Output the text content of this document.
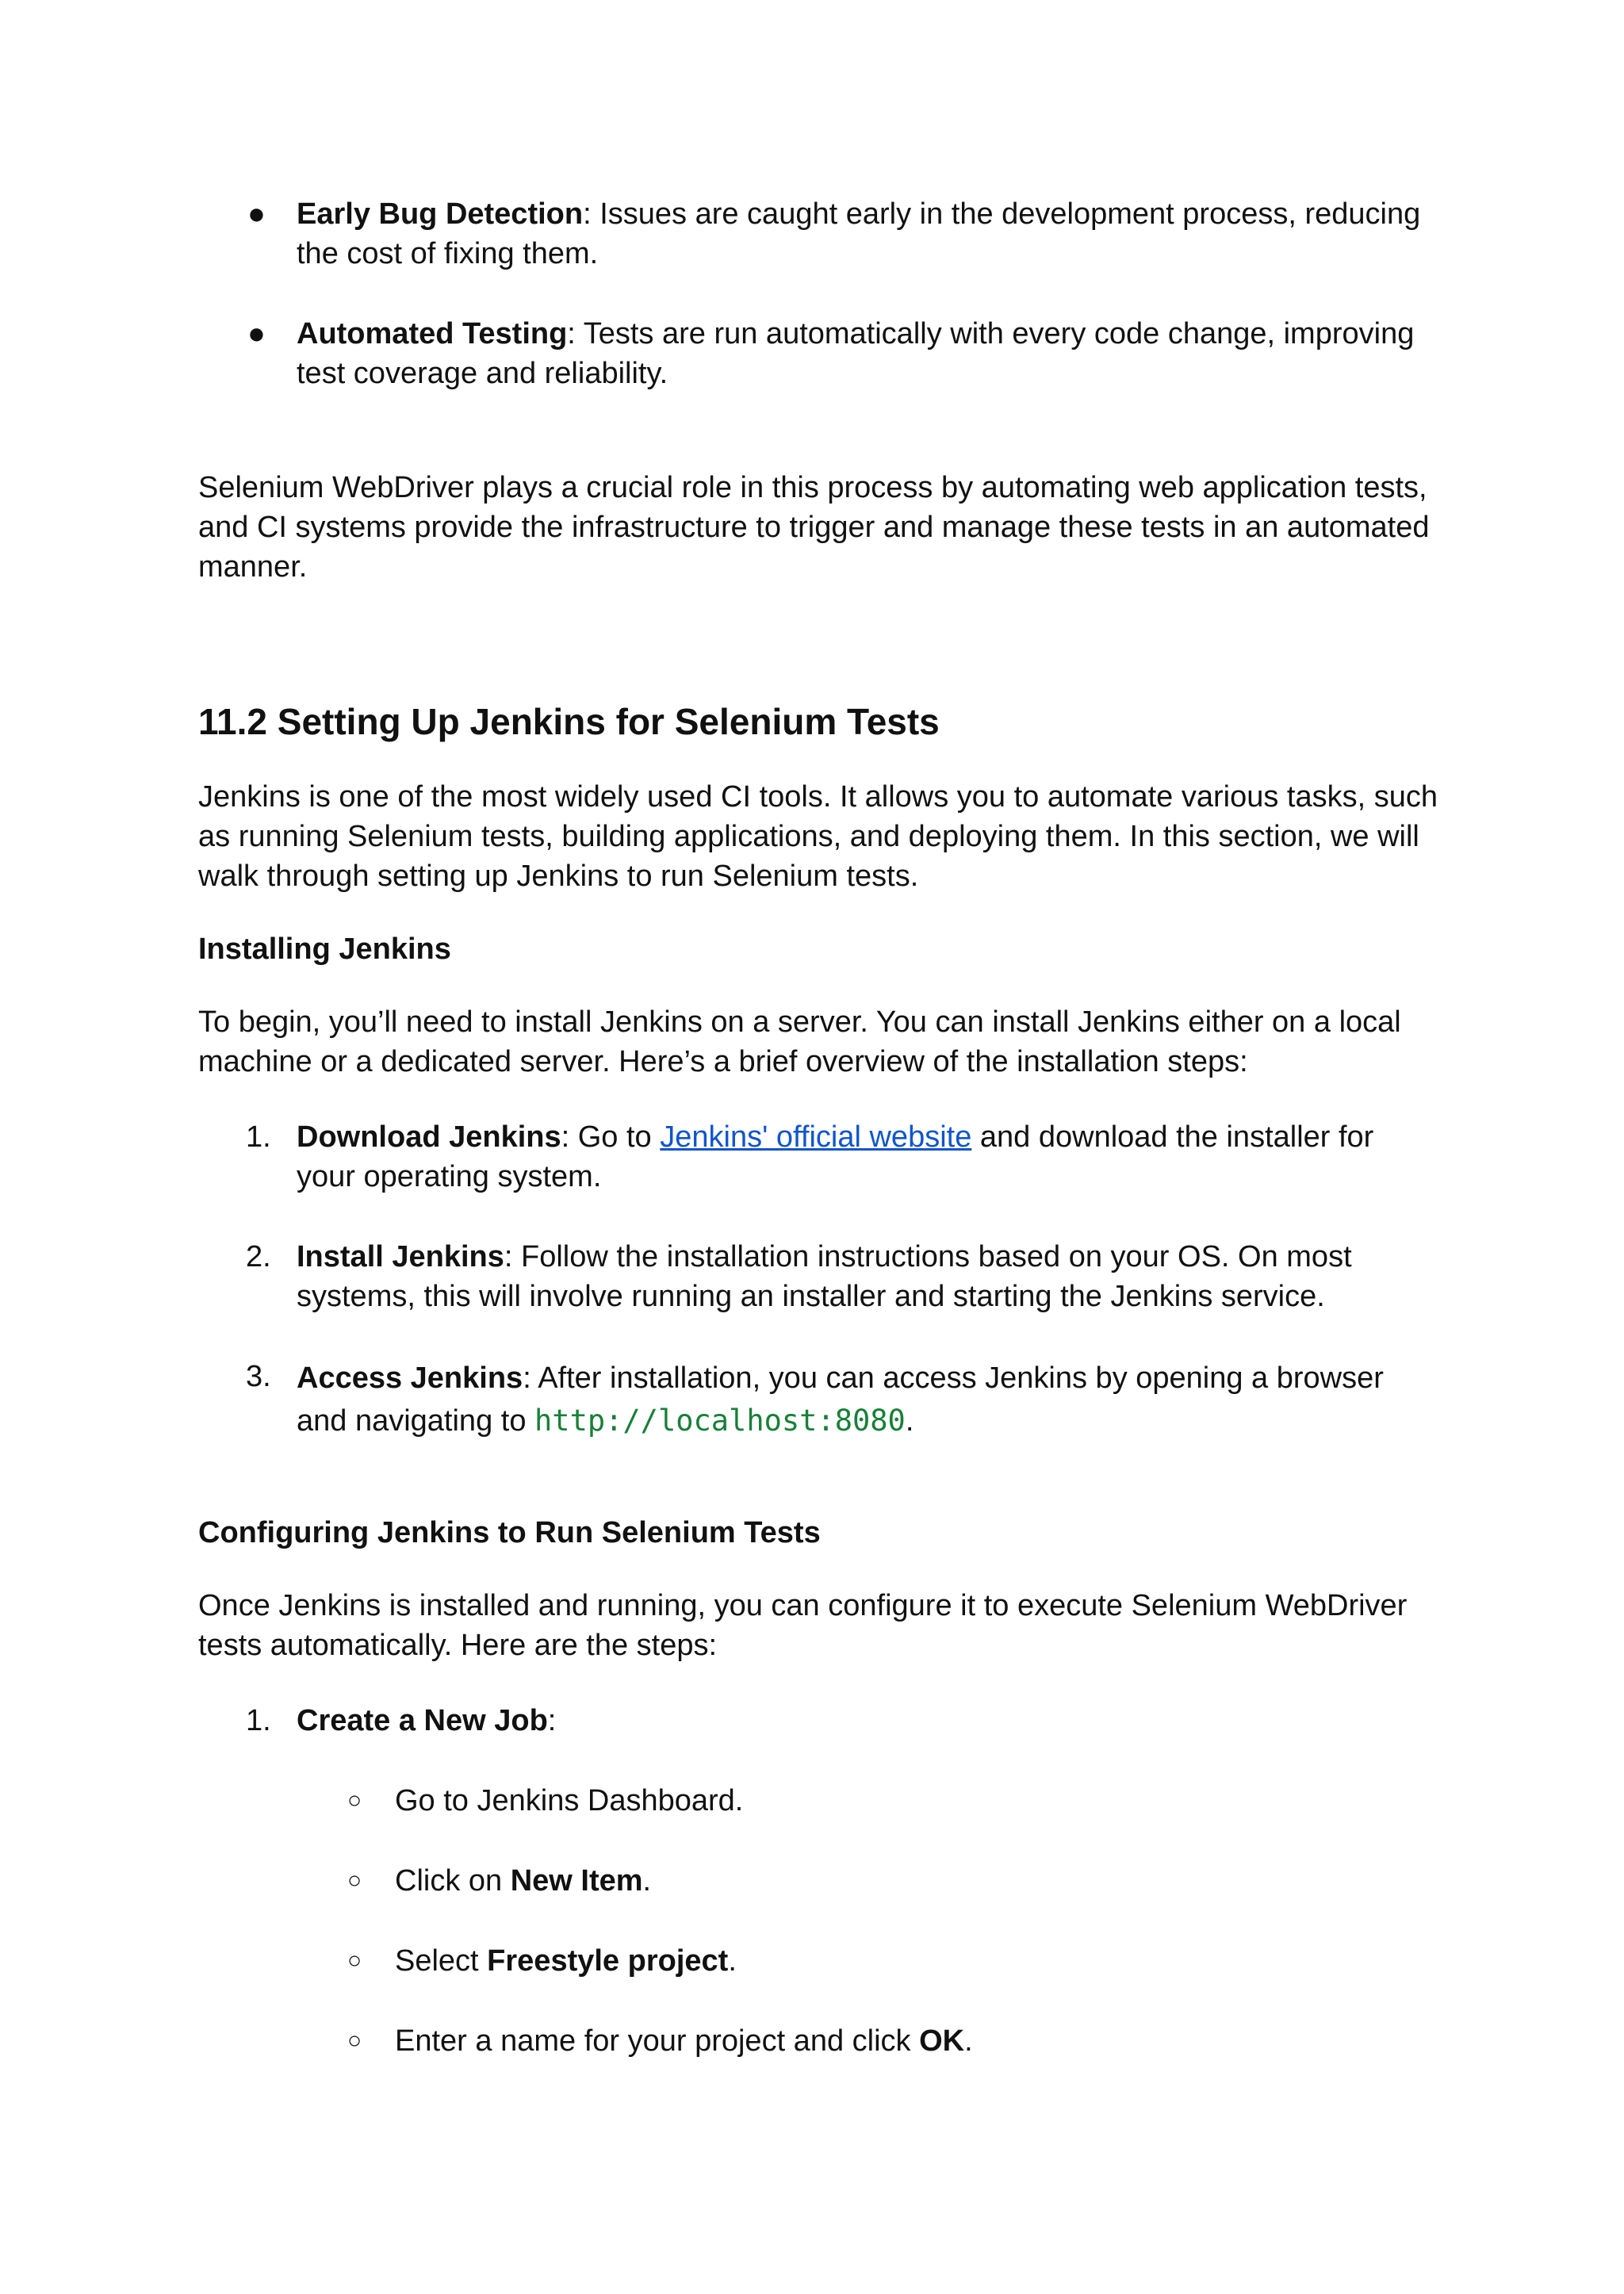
● Early Bug Detection: Issues are caught early in the development process, reducing the cost of fixing them.
● Automated Testing: Tests are run automatically with every code change, improving test coverage and reliability.

Selenium WebDriver plays a crucial role in this process by automating web application tests, and CI systems provide the infrastructure to trigger and manage these tests in an automated manner.

11.2 Setting Up Jenkins for Selenium Tests

Jenkins is one of the most widely used CI tools. It allows you to automate various tasks, such as running Selenium tests, building applications, and deploying them. In this section, we will walk through setting up Jenkins to run Selenium tests.

Installing Jenkins

To begin, you’ll need to install Jenkins on a server. You can install Jenkins either on a local machine or a dedicated server. Here’s a brief overview of the installation steps:

1. Download Jenkins: Go to Jenkins' official website and download the installer for your operating system.
2. Install Jenkins: Follow the installation instructions based on your OS. On most systems, this will involve running an installer and starting the Jenkins service.
3. Access Jenkins: After installation, you can access Jenkins by opening a browser and navigating to http://localhost:8080.
Configuring Jenkins to Run Selenium Tests

Once Jenkins is installed and running, you can configure it to execute Selenium WebDriver tests automatically. Here are the steps:

1. Create a New Job:
○ Go to Jenkins Dashboard.
○ Click on New Item.
○ Select Freestyle project.
○ Enter a name for your project and click OK.
